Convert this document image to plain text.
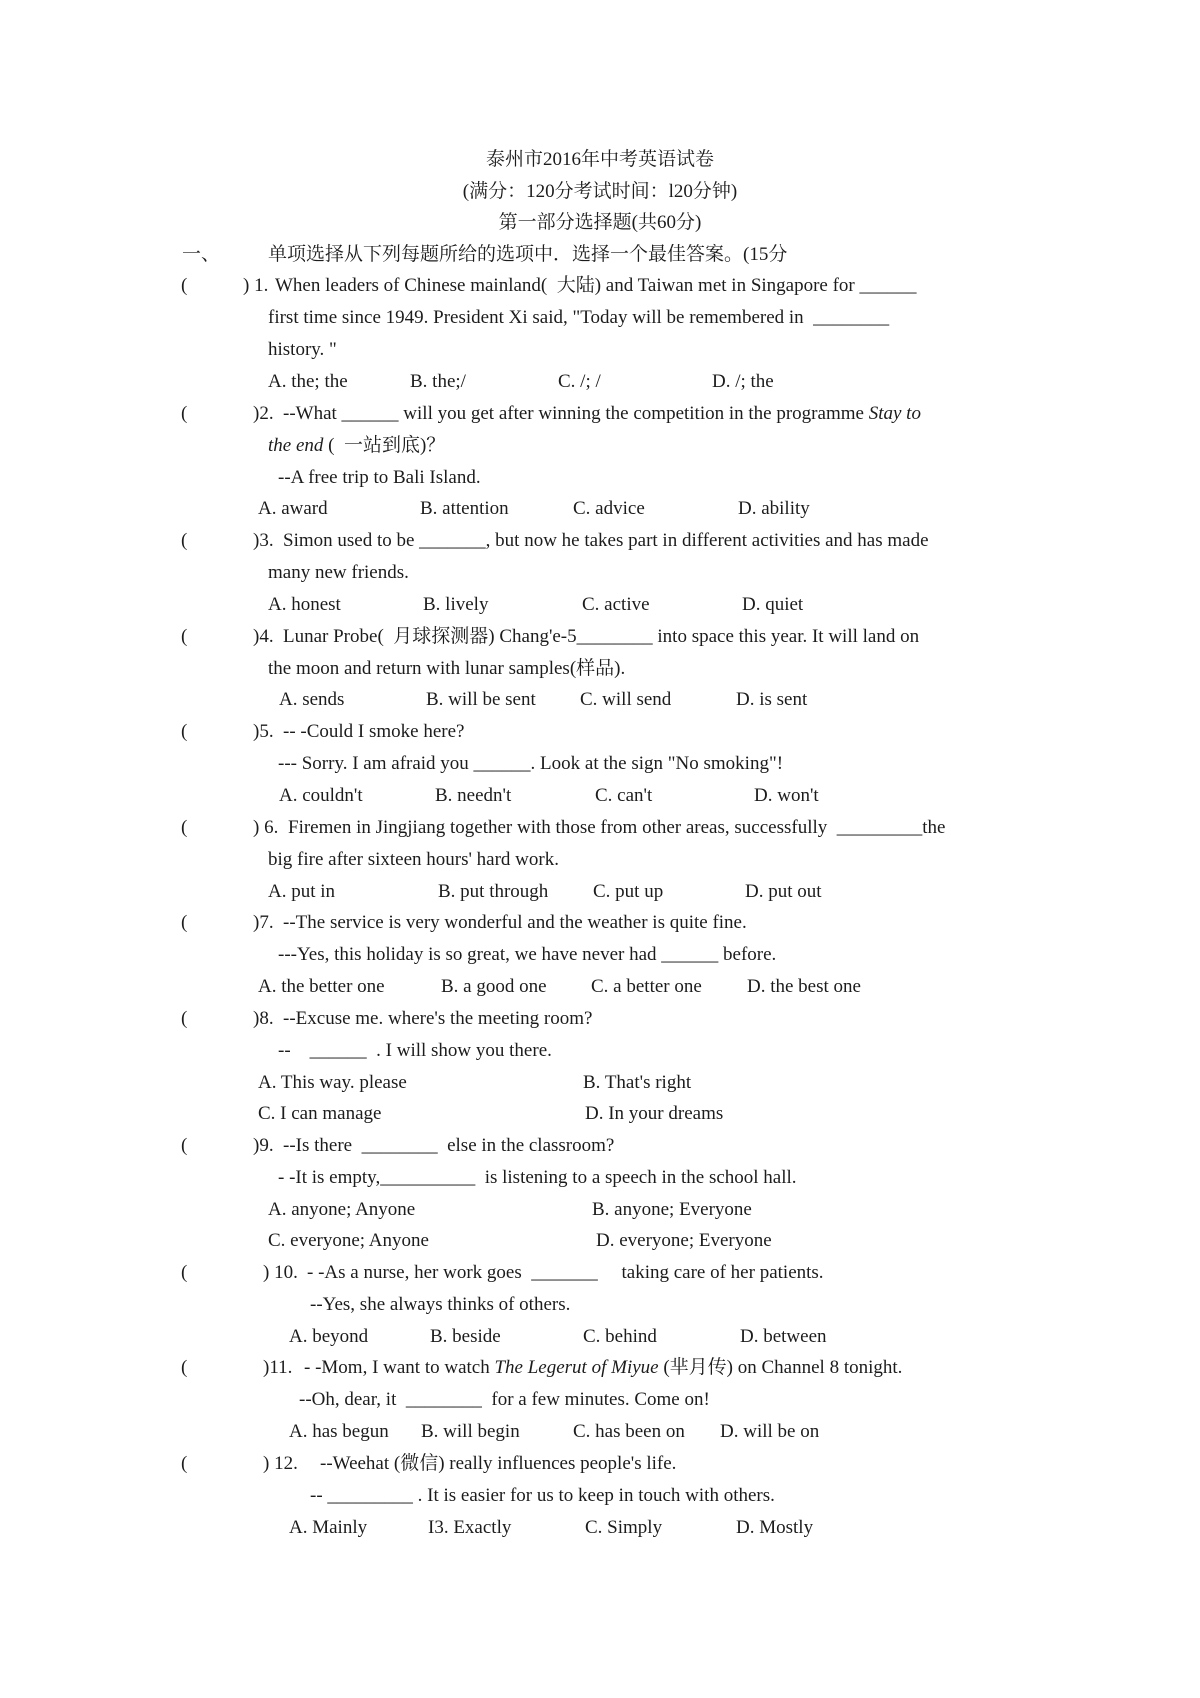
泰州市2016年中考英语试卷
(满分：120分考试时间：l20分钟)
第一部分选择题(共60分)
一、	单项选择从下列每题所给的选项中．选择一个最佳答案。(15分
(	) 1. When leaders of Chinese mainland(  大陆) and Taiwan met in Singapore for ______
first time since 1949. President Xi said, "Today will be remembered in  ________
history. "
A. the; the	B. the;/	C. /; /	D. /; the
(	)2. --What ______ will you get after winning the competition in the programme Stay to
the end (  一站到底)？
--A free trip to Bali Island.
A. award	B. attention	C. advice	D. ability
(	)3. Simon used to be _______, but now he takes part in different activities and has made
many new friends.
A. honest	B. lively	C. active	D. quiet
(	)4. Lunar Probe(  月球探测器) Chang'e-5________ into space this year. It will land on
the moon and return with lunar samples(样品).
A. sends	B. will be sent C. will send	D. is sent
(	)5. -- -Could I smoke here?
--- Sorry. I am afraid you ______. Look at the sign "No smoking"!
A. couldn't	B. needn't	C. can't	D. won't
(	) 6. Firemen in Jingjiang together with those from other areas, successfully  _________the
big fire after sixteen hours' hard work.
A. put in	B. put through C. put up	D. put out
(	)7. --The service is very wonderful and the weather is quite fine.
---Yes, this holiday is so great, we have never had ______ before.
A. the better one	B. a good one C. a better one D. the best one
(	)8. --Excuse me. where's the meeting room?
--    ______  . I will show you there.
A. This way. please	B. That's right
C. I can manage	D. In your dreams
(	)9. --Is there  ________  else in the classroom?
- -It is empty,__________  is listening to a speech in the school hall.
A. anyone; Anyone	B. anyone; Everyone
C. everyone; Anyone	D. everyone; Everyone
(	) 10. - -As a nurse, her work goes  _______     taking care of her patients.
--Yes, she always thinks of others.
A. beyond	B. beside	C. behind	D. between
(	)11. - -Mom, I want to watch The Legerut of Miyue (芈月传) on Channel 8 tonight.
--Oh, dear, it  ________  for a few minutes. Come on!
A. has begun B. will begin	C. has been on D. will be on
(	) 12. --Weehat (微信) really influences people's life.
-- _________ . It is easier for us to keep in touch with others.
A. Mainly	I3. Exactly	C. Simply	D. Mostly
